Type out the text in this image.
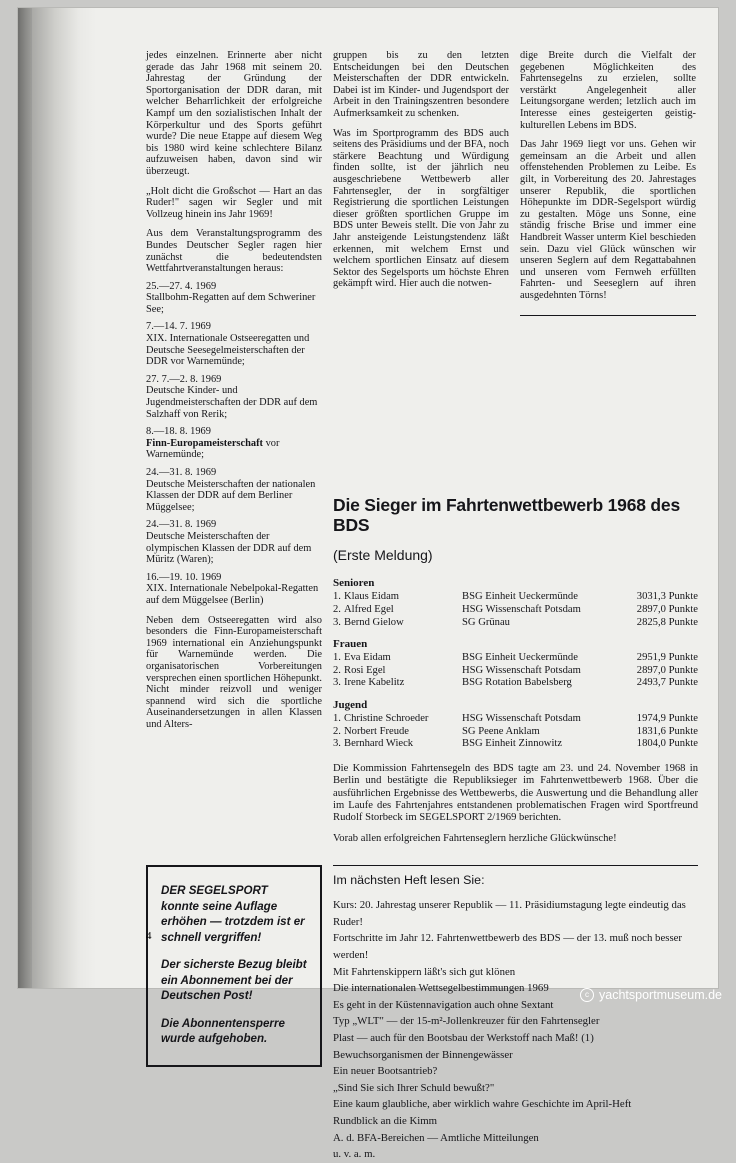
jedes einzelnen. Erinnerte aber nicht gerade das Jahr 1968 mit seinem 20. Jahrestag der Gründung der Sportorganisation der DDR daran, mit welcher Beharrlichkeit der erfolgreiche Kampf um den sozialistischen Inhalt der Körperkultur und des Sports geführt wurde? Die neue Etappe auf diesem Weg bis 1980 wird keine schlechtere Bilanz aufzuweisen haben, davon sind wir überzeugt.

„Holt dicht die Großschot — Hart an das Ruder!" sagen wir Segler und mit Vollzeug hinein ins Jahr 1969!

Aus dem Veranstaltungsprogramm des Bundes Deutscher Segler ragen hier zunächst die bedeutendsten Wettfahrtveranstaltungen heraus:

25.—27. 4. 1969
Stallbohm-Regatten auf dem Schweriner See;
7.—14. 7. 1969
XIX. Internationale Ostseeregatten und Deutsche Seesegelmeisterschaften der DDR vor Warnemünde;
27. 7.—2. 8. 1969
Deutsche Kinder- und Jugendmeisterschaften der DDR auf dem Salzhaff von Rerik;
8.—18. 8. 1969
Finn-Europameisterschaft vor Warnemünde;
24.—31. 8. 1969
Deutsche Meisterschaften der nationalen Klassen der DDR auf dem Berliner Müggelsee;
24.—31. 8. 1969
Deutsche Meisterschaften der olympischen Klassen der DDR auf dem Müritz (Waren);
16.—19. 10. 1969
XIX. Internationale Nebelpokal-Regatten auf dem Müggelsee (Berlin)

Neben dem Ostseeregatten wird also besonders die Finn-Europameisterschaft 1969 international ein Anziehungspunkt für Warnemünde werden. Die organisatorischen Vorbereitungen versprechen einen sportlichen Höhepunkt. Nicht minder reizvoll und weniger spannend wird sich die sportliche Auseinandersetzungen in allen Klassen und Alters-

gruppen bis zu den letzten Entscheidungen bei den Deutschen Meisterschaften der DDR entwickeln. Dabei ist im Kinder- und Jugendsport der Arbeit in den Trainingszentren besondere Aufmerksamkeit zu schenken.

Was im Sportprogramm des BDS auch seitens des Präsidiums und der BFA, noch stärkere Beachtung und Würdigung finden sollte, ist der jährlich neu ausgeschriebene Wettbewerb aller Fahrtensegler, der in sorgfältiger Registrierung die sportlichen Leistungen dieser größten sportlichen Gruppe im BDS unter Beweis stellt. Die von Jahr zu Jahr ansteigende Leistungstendenz läßt erkennen, mit welchem Ernst und welchem sportlichen Einsatz auf diesem Sektor des Segelsports um höchste Ehren gekämpft wird. Hier auch die notwen-

dige Breite durch die Vielfalt der gegebenen Möglichkeiten des Fahrtensegelns zu erzielen, sollte verstärkt Angelegenheit aller Leitungsorgane werden; letzlich auch im Interesse eines gesteigerten geistig-kulturellen Lebens im BDS.

Das Jahr 1969 liegt vor uns. Gehen wir gemeinsam an die Arbeit und allen offenstehenden Problemen zu Leibe. Es gilt, in Vorbereitung des 20. Jahrestages unserer Republik, die sportlichen Höhepunkte im DDR-Segelsport würdig zu gestalten. Möge uns Sonne, eine ständig frische Brise und immer eine Handbreit Wasser unterm Kiel beschieden sein. Dazu viel Glück wünschen wir unseren Seglern auf dem Regattabahnen und unseren vom Fernweh erfüllten Fahrten- und Seeseglern auf ihren ausgedehnten Törns!

Die Sieger im Fahrtenwettbewerb 1968 des BDS
(Erste Meldung)
Senioren
1. Klaus Eidam	BSG Einheit Ueckermünde	3031,3 Punkte
2. Alfred Egel	HSG Wissenschaft Potsdam	2897,0 Punkte
3. Bernd Gielow	SG Grünau	2825,8 Punkte
Frauen
1. Eva Eidam	BSG Einheit Ueckermünde	2951,9 Punkte
2. Rosi Egel	HSG Wissenschaft Potsdam	2897,0 Punkte
3. Irene Kabelitz	BSG Rotation Babelsberg	2493,7 Punkte
Jugend
1. Christine Schroeder	HSG Wissenschaft Potsdam	1974,9 Punkte
2. Norbert Freude	SG Peene Anklam	1831,6 Punkte
3. Bernhard Wieck	BSG Einheit Zinnowitz	1804,0 Punkte
Die Kommission Fahrtensegeln des BDS tagte am 23. und 24. November 1968 in Berlin und bestätigte die Republiksieger im Fahrtenwettbewerb 1968. Über die ausführlichen Ergebnisse des Wettbewerbs, die Auswertung und die Behandlung aller im Laufe des Fahrtenjahres entstandenen problematischen Fragen wird Sportfreund Rudolf Storbeck im SEGELSPORT 2/1969 berichten.
Vorab allen erfolgreichen Fahrtenseglern herzliche Glückwünsche!
DER SEGELSPORT konnte seine Auflage erhöhen — trotzdem ist er schnell vergriffen!
Der sicherste Bezug bleibt ein Abonnement bei der Deutschen Post!
Die Abonnentensperre wurde aufgehoben.
Im nächsten Heft lesen Sie:
Kurs: 20. Jahrestag unserer Republik — 11. Präsidiumstagung legte eindeutig das Ruder!
Fortschritte im Jahr 12. Fahrtenwettbewerb des BDS — der 13. muß noch besser werden!
Mit Fahrtenskippern läßt's sich gut klönen
Die internationalen Wettsegelbestimmungen 1969
Es geht in der Küstennavigation auch ohne Sextant
Typ „WLT" — der 15-m²-Jollenkreuzer für den Fahrtensegler
Plast — auch für den Bootsbau der Werkstoff nach Maß! (1)
Bewuchsorganismen der Binnengewässer
Ein neuer Bootsantrieb?
„Sind Sie sich Ihrer Schuld bewußt?"
Eine kaum glaubliche, aber wirklich wahre Geschichte im April-Heft
Rundblick an die Kimm
A. d. BFA-Bereichen — Amtliche Mitteilungen
u. v. a. m.
4
c yachtsportmuseum.de
